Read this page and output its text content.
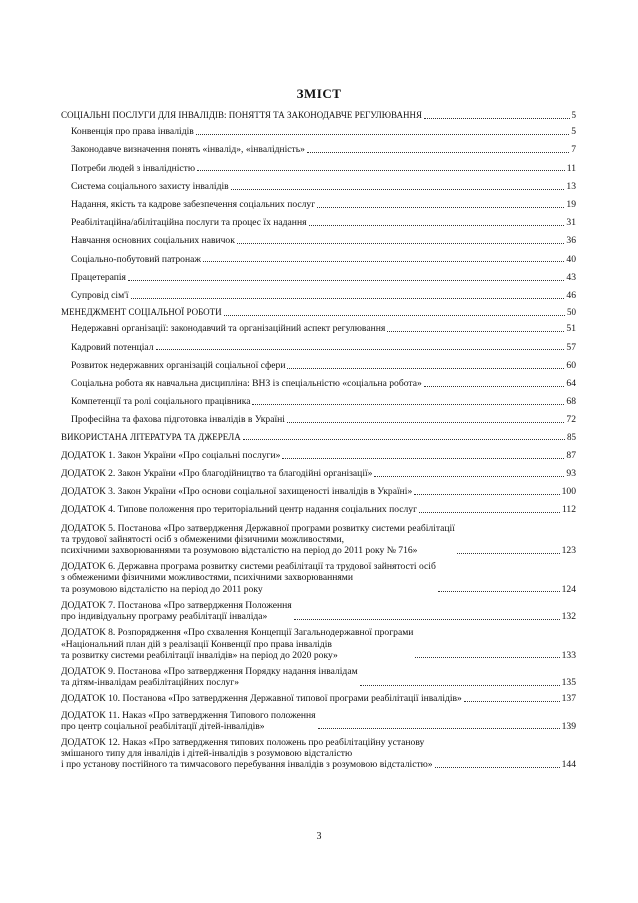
ЗМІСТ
СОЦІАЛЬНІ ПОСЛУГИ ДЛЯ ІНВАЛІДІВ: ПОНЯТТЯ ТА ЗАКОНОДАВЧЕ РЕГУЛЮВАННЯ	5
Конвенція про права інвалідів	5
Законодавче визначення понять «інвалід», «інвалідність»	7
Потреби людей з інвалідністю	11
Система соціального захисту інвалідів	13
Надання, якість та кадрове забезпечення соціальних послуг	19
Реабілітаційна/абілітаційна послуги та процес їх надання	31
Навчання основних соціальних навичок	36
Соціально-побутовий патронаж	40
Працетерапія	43
Супровід сім'ї	46
МЕНЕДЖМЕНТ СОЦІАЛЬНОЇ РОБОТИ	50
Недержавні організації: законодавчий та організаційний аспект регулювання	51
Кадровий потенціал	57
Розвиток недержавних організацій соціальної сфери	60
Соціальна робота як навчальна дисципліна: ВНЗ із спеціальністю «соціальна робота»	64
Компетенції та ролі соціального працівника	68
Професійна та фахова підготовка інвалідів в Україні	72
ВИКОРИСТАНА ЛІТЕРАТУРА ТА ДЖЕРЕЛА	85
ДОДАТОК 1. Закон України «Про соціальні послуги»	87
ДОДАТОК 2. Закон України «Про благодійництво та благодійні організації»	93
ДОДАТОК 3. Закон України «Про основи соціальної захищеності інвалідів в Україні»	100
ДОДАТОК 4. Типове положення про територіальний центр надання соціальних послуг	112
ДОДАТОК 5. Постанова «Про затвердження Державної програми розвитку системи реабілітації
та трудової зайнятості осіб з обмеженими фізичними можливостями,
психічними захворюваннями та розумовою відсталістю на період до 2011 року № 716»	123
ДОДАТОК 6. Державна програма розвитку системи реабілітації та трудової зайнятості осіб
з обмеженими фізичними можливостями, психічними захворюваннями
та розумовою відсталістю на період до 2011 року	124
ДОДАТОК 7. Постанова «Про затвердження Положення
про індивідуальну програму реабілітації інваліда»	132
ДОДАТОК 8. Розпорядження «Про схвалення Концепції Загальнодержавної програми
«Національний план дій з реалізації Конвенції про права інвалідів
та розвитку системи реабілітації інвалідів» на період до 2020 року»	133
ДОДАТОК 9. Постанова «Про затвердження Порядку надання інвалідам
та дітям-інвалідам реабілітаційних послуг»	135
ДОДАТОК 10. Постанова «Про затвердження Державної типової програми реабілітації інвалідів»	137
ДОДАТОК 11. Наказ «Про затвердження Типового положення
про центр соціальної реабілітації дітей-інвалідів»	139
ДОДАТОК 12. Наказ «Про затвердження типових положень про реабілітаційну установу
змішаного типу для інвалідів і дітей-інвалідів з розумовою відсталістю
і про установу постійного та тимчасового перебування інвалідів з розумовою відсталістю»	144
3
